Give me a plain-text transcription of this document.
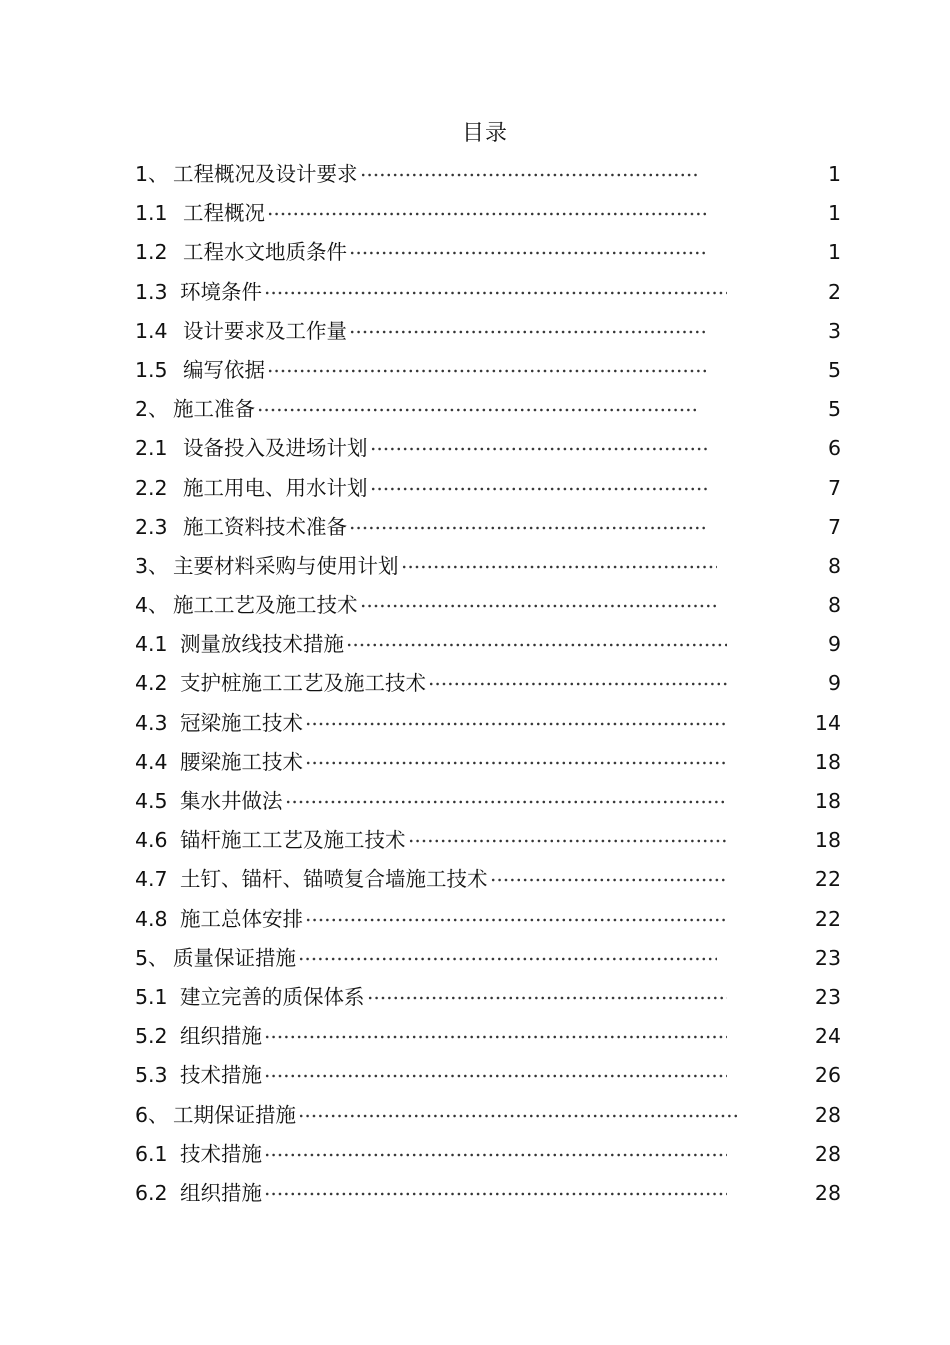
目录
1、 工程概况及设计要求	1
1.1 工程概况	1
1.2 工程水文地质条件	1
1.3 环境条件	2
1.4 设计要求及工作量	3
1.5 编写依据	5
2、 施工准备	5
2.1 设备投入及进场计划	6
2.2 施工用电、用水计划	7
2.3 施工资料技术准备	7
3、 主要材料采购与使用计划	8
4、 施工工艺及施工技术	8
4.1 测量放线技术措施	9
4.2 支护桩施工工艺及施工技术	9
4.3 冠梁施工技术	14
4.4 腰梁施工技术	18
4.5 集水井做法	18
4.6 锚杆施工工艺及施工技术	18
4.7 土钉、锚杆、锚喷复合墙施工技术	22
4.8 施工总体安排	22
5、 质量保证措施	23
5.1 建立完善的质保体系	23
5.2 组织措施	24
5.3 技术措施	26
6、 工期保证措施	28
6.1 技术措施	28
6.2 组织措施	28
